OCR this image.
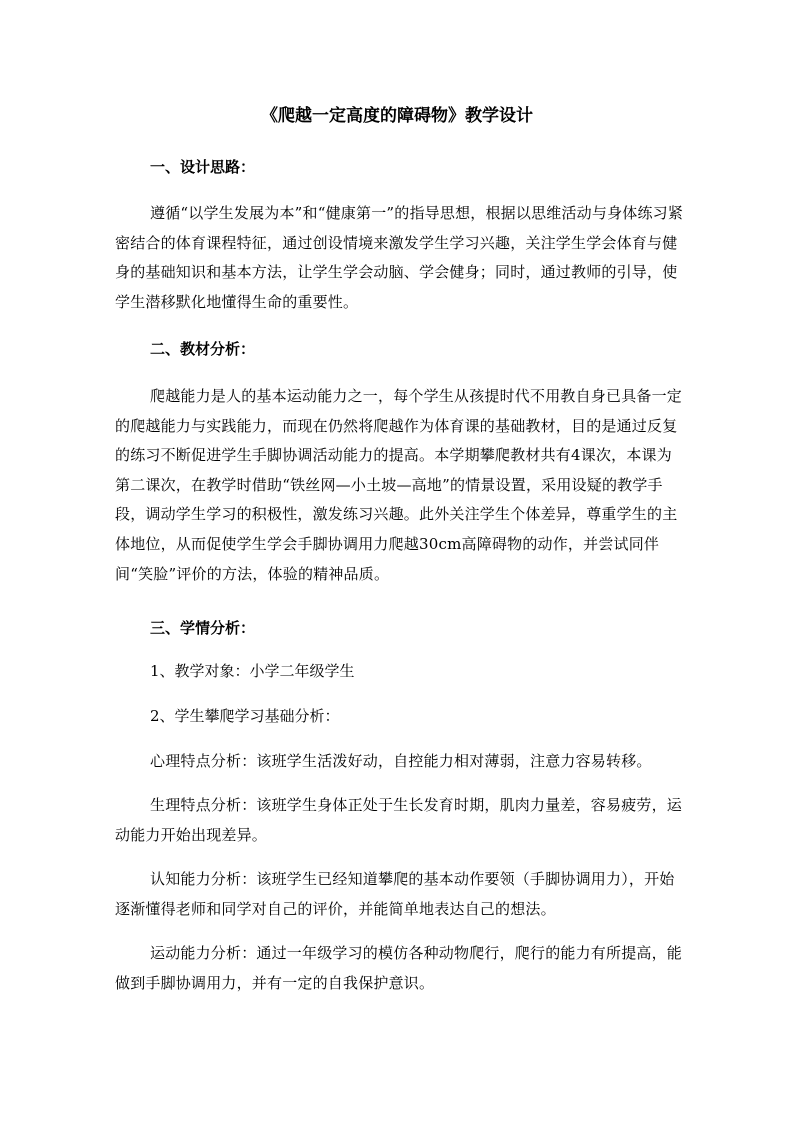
《爬越一定高度的障碍物》教学设计
一、设计思路：
遵循“以学生发展为本”和“健康第一”的指导思想，根据以思维活动与身体练习紧密结合的体育课程特征，通过创设情境来激发学生学习兴趣，关注学生学会体育与健身的基础知识和基本方法，让学生学会动脑、学会健身；同时，通过教师的引导，使学生潜移默化地懂得生命的重要性。
二、教材分析：
爬越能力是人的基本运动能力之一，每个学生从孩提时代不用教自身已具备一定的爬越能力与实践能力，而现在仍然将爬越作为体育课的基础教材，目的是通过反复的练习不断促进学生手脚协调活动能力的提高。本学期攀爬教材共有4课次，本课为第二课次，在教学时借助“铁丝网—小土坡—高地”的情景设置，采用设疑的教学手段，调动学生学习的积极性，激发练习兴趣。此外关注学生个体差异，尊重学生的主体地位，从而促使学生学会手脚协调用力爬越30cm高障碍物的动作，并尝试同伴间“笑脸”评价的方法，体验的精神品质。
三、学情分析：
1、教学对象：小学二年级学生
2、学生攀爬学习基础分析：
心理特点分析：该班学生活泼好动，自控能力相对薄弱，注意力容易转移。
生理特点分析：该班学生身体正处于生长发育时期，肌肉力量差，容易疲劳，运动能力开始出现差异。
认知能力分析：该班学生已经知道攀爬的基本动作要领（手脚协调用力），开始逐渐懂得老师和同学对自己的评价，并能简单地表达自己的想法。
运动能力分析：通过一年级学习的模仿各种动物爬行，爬行的能力有所提高，能做到手脚协调用力，并有一定的自我保护意识。
